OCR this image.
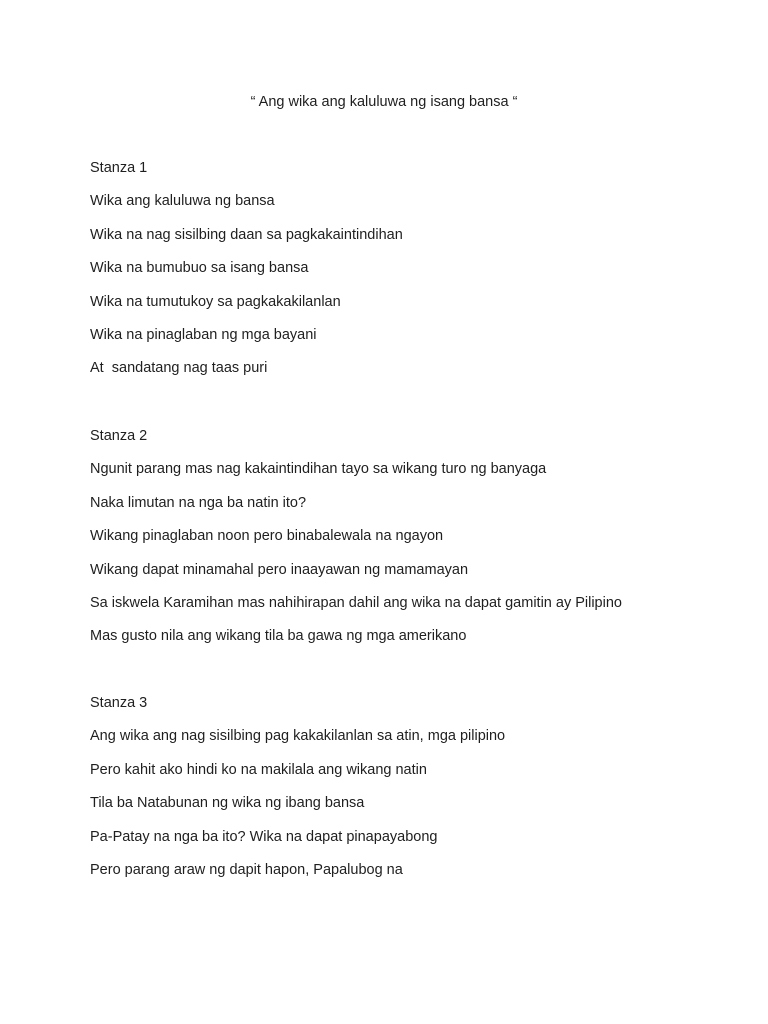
“ Ang wika ang kaluluwa ng isang bansa “
Stanza 1
Wika ang kaluluwa ng bansa
Wika na nag sisilbing daan sa pagkakaintindihan
Wika na bumubuo sa isang bansa
Wika na tumutukoy sa pagkakakilanlan
Wika na pinaglaban ng mga bayani
At  sandatang nag taas puri
Stanza 2
Ngunit parang mas nag kakaintindihan tayo sa wikang turo ng banyaga
Naka limutan na nga ba natin ito?
Wikang pinaglaban noon pero binabalewala na ngayon
Wikang dapat minamahal pero inaayawan ng mamamayan
Sa iskwela Karamihan mas nahihirapan dahil ang wika na dapat gamitin ay Pilipino
Mas gusto nila ang wikang tila ba gawa ng mga amerikano
Stanza 3
Ang wika ang nag sisilbing pag kakakilanlan sa atin, mga pilipino
Pero kahit ako hindi ko na makilala ang wikang natin
Tila ba Natabunan ng wika ng ibang bansa
Pa-Patay na nga ba ito? Wika na dapat pinapayabong
Pero parang araw ng dapit hapon, Papalubog na
